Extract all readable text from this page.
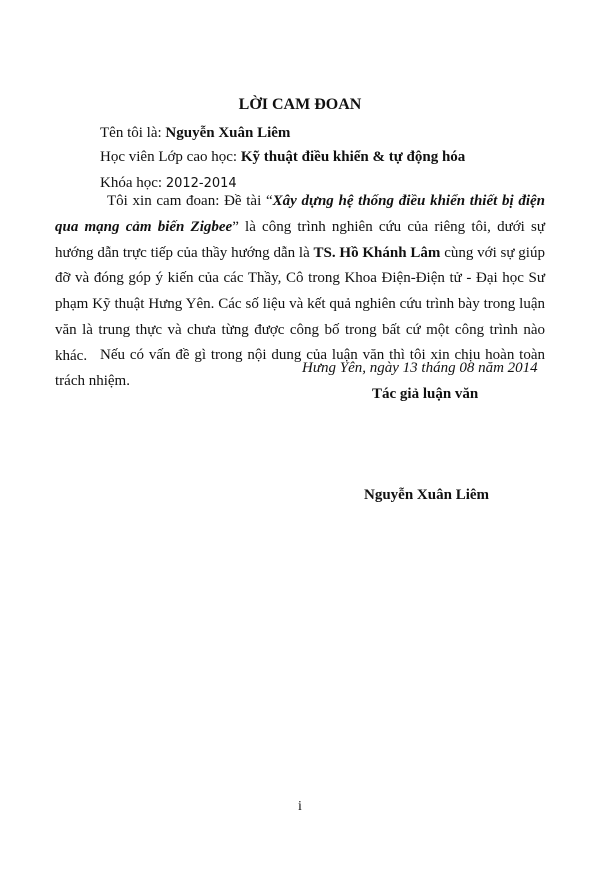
LỜI CAM ĐOAN
Tên tôi là: Nguyễn Xuân Liêm
Học viên Lớp cao học: Kỹ thuật điều khiển & tự động hóa
Khóa học: 2012-2014
Tôi xin cam đoan: Đề tài “Xây dựng hệ thống điều khiển thiết bị điện qua mạng cảm biến Zigbee” là công trình nghiên cứu của riêng tôi, dưới sự hướng dẫn trực tiếp của thầy hướng dẫn là TS. Hồ Khánh Lâm cùng với sự giúp đỡ và đóng góp ý kiến của các Thầy, Cô trong Khoa Điện-Điện tử - Đại học Sư phạm Kỹ thuật Hưng Yên. Các số liệu và kết quả nghiên cứu trình bày trong luận văn là trung thực và chưa từng được công bố trong bất cứ một công trình nào khác. Nếu có vấn đề gì trong nội dung của luận văn thì tôi xin chịu hoàn toàn trách nhiệm.
Hưng Yên, ngày 13 tháng 08 năm 2014
Tác giả luận văn
Nguyễn Xuân Liêm
i
